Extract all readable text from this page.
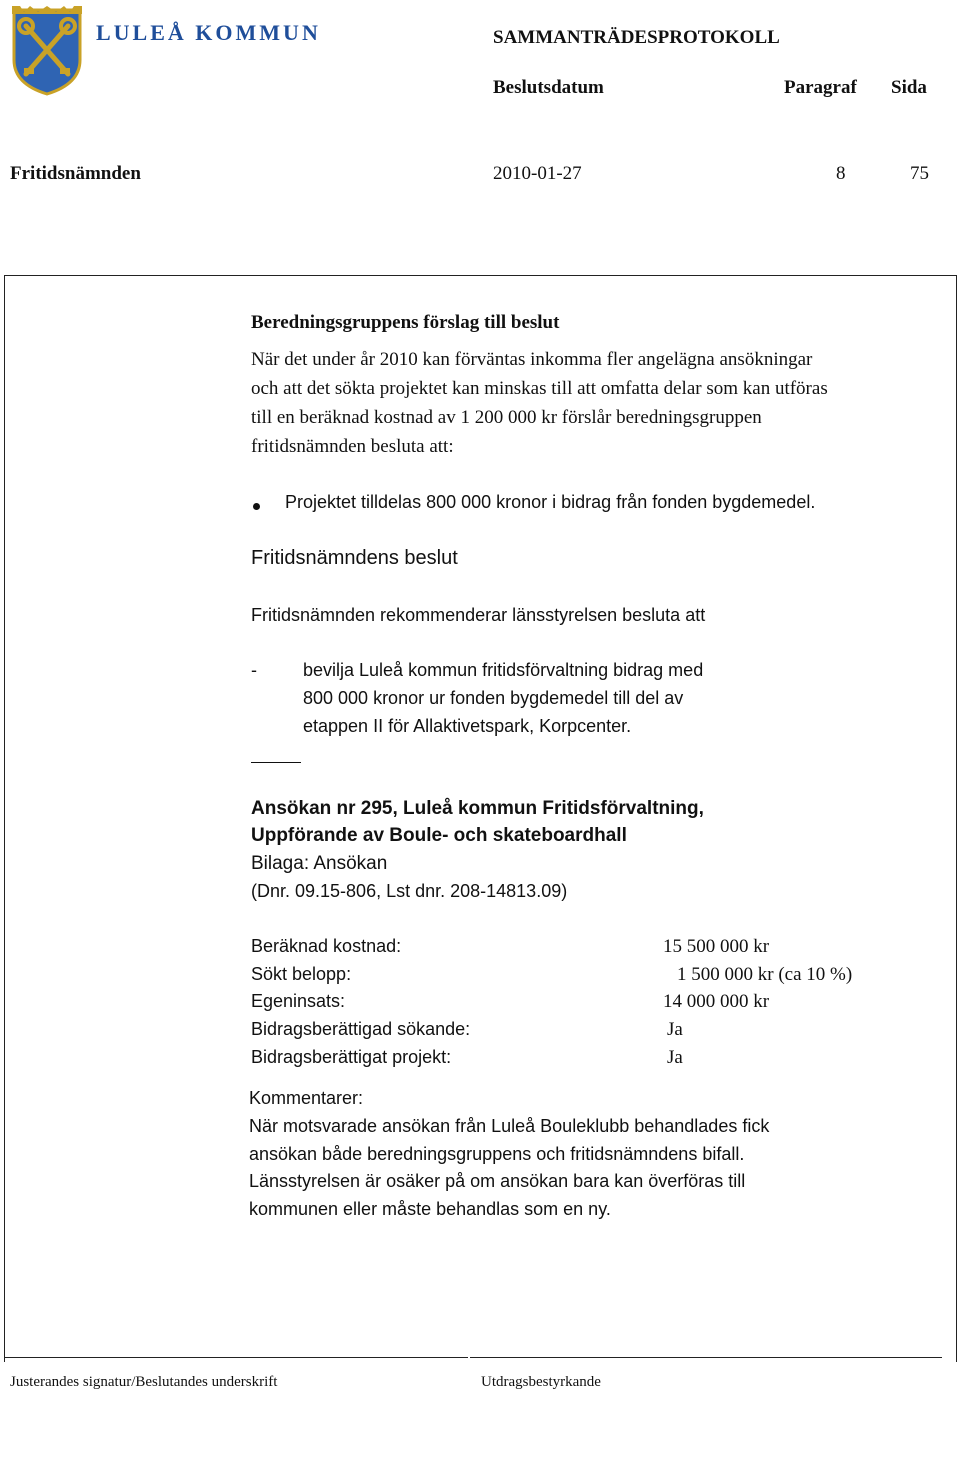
LULEÅ KOMMUN	SAMMANTRÄDESPROTOKOLL
Beslutsdatum	Paragraf Sida
Fritidsnämnden	2010-01-27	8	75
Beredningsgruppens förslag till beslut
När det under år 2010 kan förväntas inkomma fler angelägna ansökningar
och att det sökta projektet kan minskas till att omfatta delar som kan utföras
till en beräknad kostnad av 1 200 000 kr förslår beredningsgruppen
fritidsnämnden besluta att:
Projektet tilldelas 800 000 kronor i bidrag från fonden bygdemedel.
Fritidsnämndens beslut
Fritidsnämnden rekommenderar länsstyrelsen besluta att
-	bevilja Luleå kommun fritidsförvaltning bidrag med
800 000 kronor ur fonden bygdemedel till del av
etappen II för Allaktivetspark, Korpcenter.
Ansökan nr 295, Luleå kommun Fritidsförvaltning,
Uppförande av Boule- och skateboardhall
Bilaga: Ansökan
(Dnr. 09.15-806, Lst dnr. 208-14813.09)
Beräknad kostnad:	15 500 000 kr
Sökt belopp:	1 500 000 kr (ca 10 %)
Egeninsats:	14 000 000 kr
Bidragsberättigad sökande:	Ja
Bidragsberättigat projekt:	Ja
Kommentarer:
När motsvarade ansökan från Luleå Bouleklubb behandlades fick
ansökan både beredningsgruppens och fritidsnämndens bifall.
Länsstyrelsen är osäker på om ansökan bara kan överföras till
kommunen eller måste behandlas som en ny.
Justerandes signatur/Beslutandes underskrift	Utdragsbestyrkande
